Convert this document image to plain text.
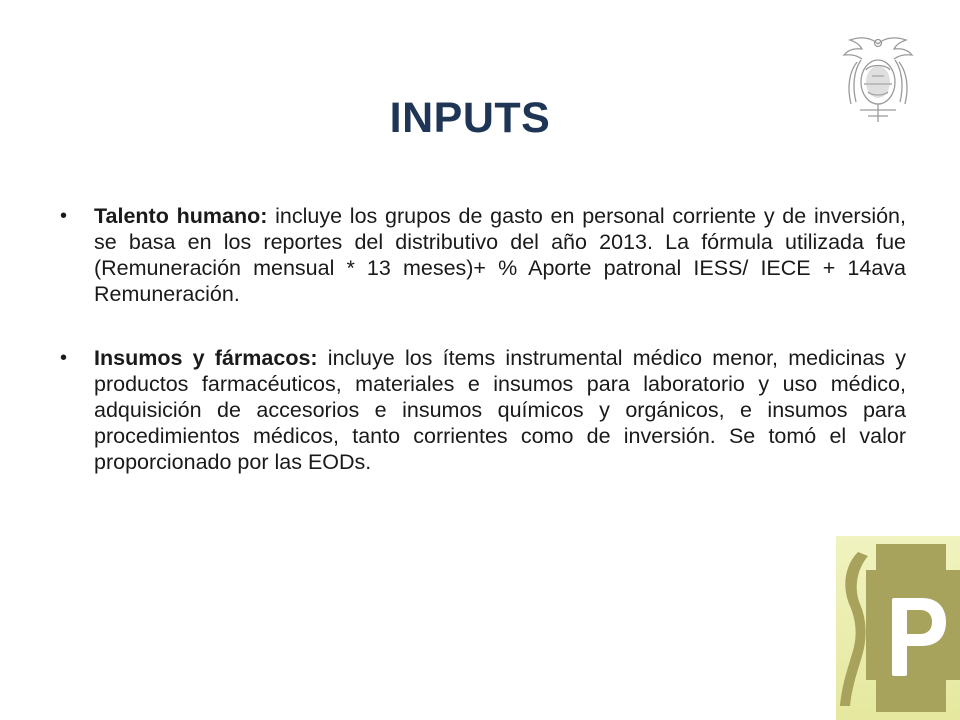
INPUTS
• Talento humano: incluye los grupos de gasto en personal corriente y de inversión, se basa en los reportes del distributivo del año 2013. La fórmula utilizada fue (Remuneración mensual * 13 meses)+ % Aporte patronal IESS/ IECE + 14ava Remuneración.
• Insumos y fármacos: incluye los ítems instrumental médico menor, medicinas y productos farmacéuticos, materiales e insumos para laboratorio y uso médico, adquisición de accesorios e insumos químicos y orgánicos, e insumos para procedimientos médicos, tanto corrientes como de inversión. Se tomó el valor proporcionado por las EODs.
